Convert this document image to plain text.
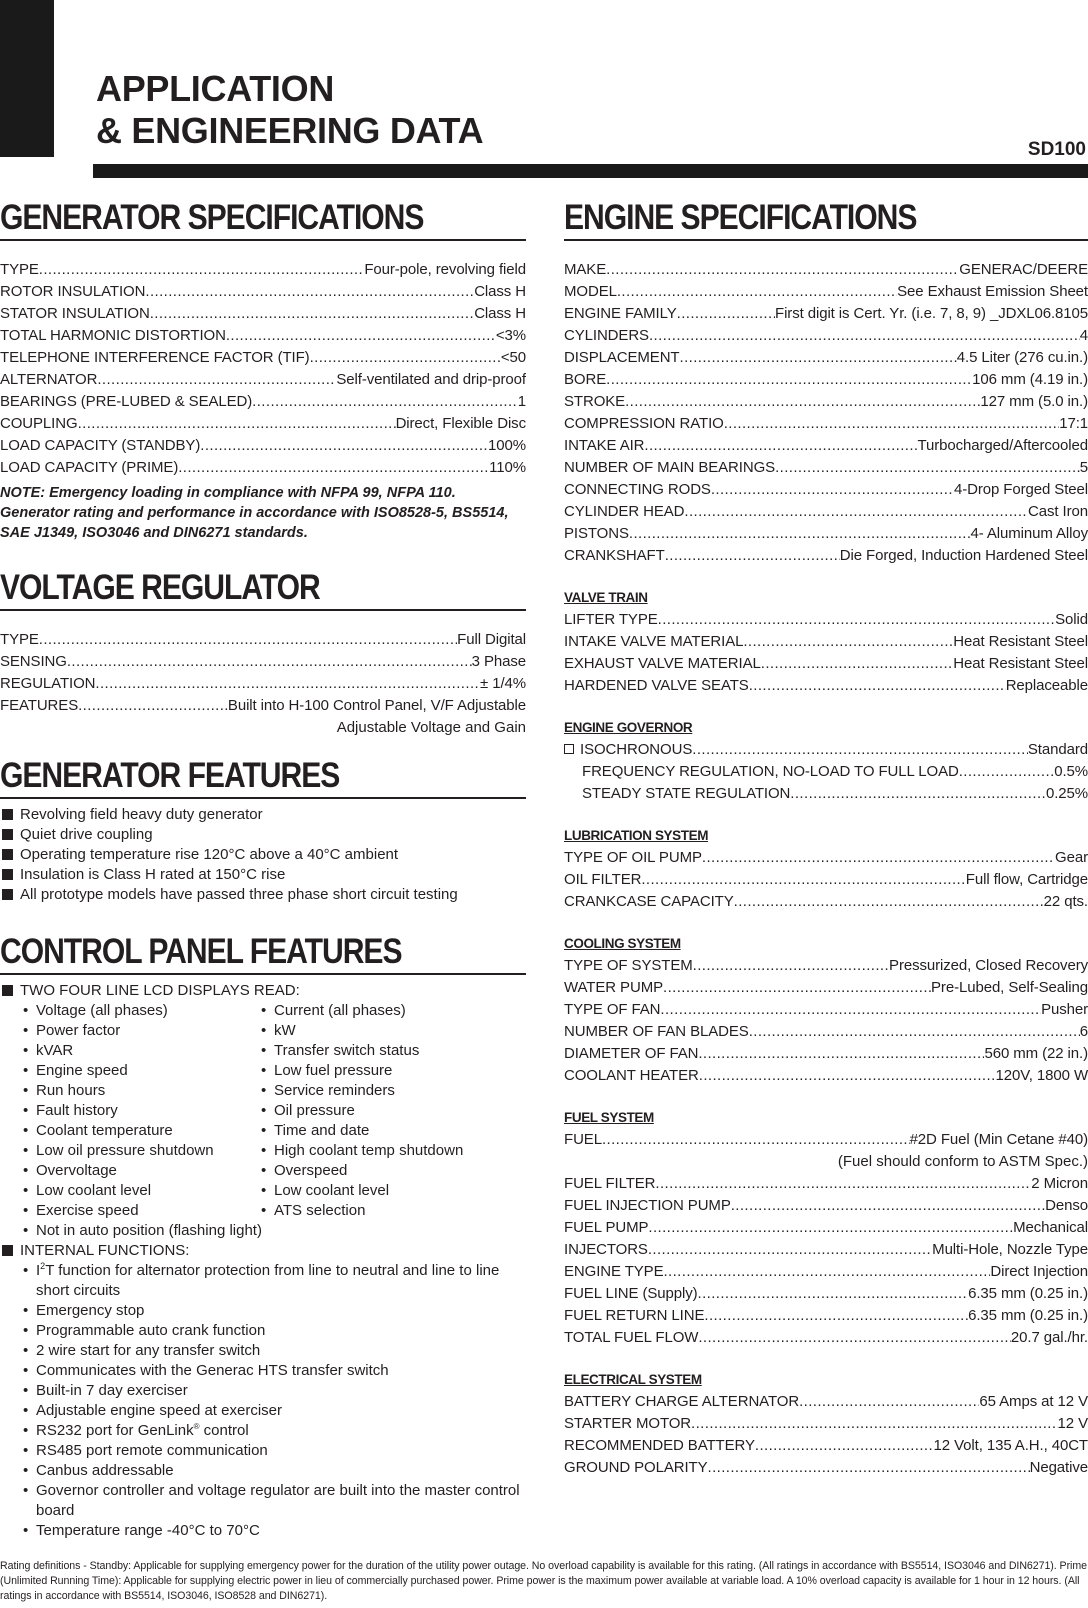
APPLICATION
& ENGINEERING DATA	SD100
GENERATOR SPECIFICATIONS
TYPE .....	Four-pole, revolving field
ROTOR INSULATION .....	Class H
STATOR INSULATION .....	Class H
TOTAL HARMONIC DISTORTION .....	<3%
TELEPHONE INTERFERENCE FACTOR (TIF) .....	<50
ALTERNATOR .....	Self-ventilated and drip-proof
BEARINGS (PRE-LUBED & SEALED) .....	1
COUPLING .....	Direct, Flexible Disc
LOAD CAPACITY (STANDBY) .....	100%
LOAD CAPACITY (PRIME) .....	110%
NOTE: Emergency loading in compliance with NFPA 99, NFPA 110. Generator rating and performance in accordance with ISO8528-5, BS5514, SAE J1349, ISO3046 and DIN6271 standards.
VOLTAGE REGULATOR
TYPE .....	Full Digital
SENSING .....	3 Phase
REGULATION .....	± 1/4%
FEATURES .....	Built into H-100 Control Panel, V/F Adjustable
Adjustable Voltage and Gain
GENERATOR FEATURES
Revolving field heavy duty generator
Quiet drive coupling
Operating temperature rise 120°C above a 40°C ambient
Insulation is Class H rated at 150°C rise
All prototype models have passed three phase short circuit testing
CONTROL PANEL FEATURES
TWO FOUR LINE LCD DISPLAYS READ:
• Voltage (all phases)
• Power factor
• kVAR
• Engine speed
• Run hours
• Fault history
• Coolant temperature
• Low oil pressure shutdown
• Overvoltage
• Low coolant level
• Exercise speed
• Current (all phases)
• kW
• Transfer switch status
• Low fuel pressure
• Service reminders
• Oil pressure
• Time and date
• High coolant temp shutdown
• Overspeed
• Low coolant level
• ATS selection
• Not in auto position (flashing light)
INTERNAL FUNCTIONS:
• $I^2T$ function for alternator protection from line to neutral and line to line short circuits
• Emergency stop
• Programmable auto crank function
• 2 wire start for any transfer switch
• Communicates with the Generac HTS transfer switch
• Built-in 7 day exerciser
• Adjustable engine speed at exerciser
• RS232 port for GenLink® control
• RS485 port remote communication
• Canbus addressable
• Governor controller and voltage regulator are built into the master control board
• Temperature range -40°C to 70°C
ENGINE SPECIFICATIONS
MAKE .....	GENERAC/DEERE
MODEL .....	See Exhaust Emission Sheet
ENGINE FAMILY .....	First digit is Cert. Yr. (i.e. 7, 8, 9) _JDXL06.8105
CYLINDERS .....	4
DISPLACEMENT .....	4.5 Liter (276 cu.in.)
BORE .....	106 mm (4.19 in.)
STROKE .....	127 mm (5.0 in.)
COMPRESSION RATIO .....	17:1
INTAKE AIR .....	Turbocharged/Aftercooled
NUMBER OF MAIN BEARINGS .....	5
CONNECTING RODS .....	4-Drop Forged Steel
CYLINDER HEAD .....	Cast Iron
PISTONS .....	4- Aluminum Alloy
CRANKSHAFT .....	Die Forged, Induction Hardened Steel
VALVE TRAIN
LIFTER TYPE .....	Solid
INTAKE VALVE MATERIAL .....	Heat Resistant Steel
EXHAUST VALVE MATERIAL .....	Heat Resistant Steel
HARDENED VALVE SEATS .....	Replaceable
ENGINE GOVERNOR
ISOCHRONOUS .....	Standard
FREQUENCY REGULATION, NO-LOAD TO FULL LOAD .....	0.5%
STEADY STATE REGULATION .....	0.25%
LUBRICATION SYSTEM
TYPE OF OIL PUMP .....	Gear
OIL FILTER .....	Full flow, Cartridge
CRANKCASE CAPACITY .....	22 qts.
COOLING SYSTEM
TYPE OF SYSTEM .....	Pressurized, Closed Recovery
WATER PUMP .....	Pre-Lubed, Self-Sealing
TYPE OF FAN .....	Pusher
NUMBER OF FAN BLADES .....	6
DIAMETER OF FAN .....	560 mm (22 in.)
COOLANT HEATER .....	120V, 1800 W
FUEL SYSTEM
FUEL .....	#2D Fuel (Min Cetane #40)
(Fuel should conform to ASTM Spec.)
FUEL FILTER .....	2 Micron
FUEL INJECTION PUMP .....	Denso
FUEL PUMP .....	Mechanical
INJECTORS .....	Multi-Hole, Nozzle Type
ENGINE TYPE .....	Direct Injection
FUEL LINE (Supply) .....	6.35 mm (0.25 in.)
FUEL RETURN LINE .....	6.35 mm (0.25 in.)
TOTAL FUEL FLOW .....	20.7 gal./hr.
ELECTRICAL SYSTEM
BATTERY CHARGE ALTERNATOR .....	65 Amps at 12 V
STARTER MOTOR .....	12 V
RECOMMENDED BATTERY .....	12 Volt, 135 A.H., 40CT
GROUND POLARITY .....	Negative
Rating definitions - Standby: Applicable for supplying emergency power for the duration of the utility power outage. No overload capability is available for this rating. (All ratings in accordance with BS5514, ISO3046 and DIN6271). Prime (Unlimited Running Time): Applicable for supplying electric power in lieu of commercially purchased power. Prime power is the maximum power available at variable load. A 10% overload capacity is available for 1 hour in 12 hours. (All ratings in accordance with BS5514, ISO3046, ISO8528 and DIN6271).
